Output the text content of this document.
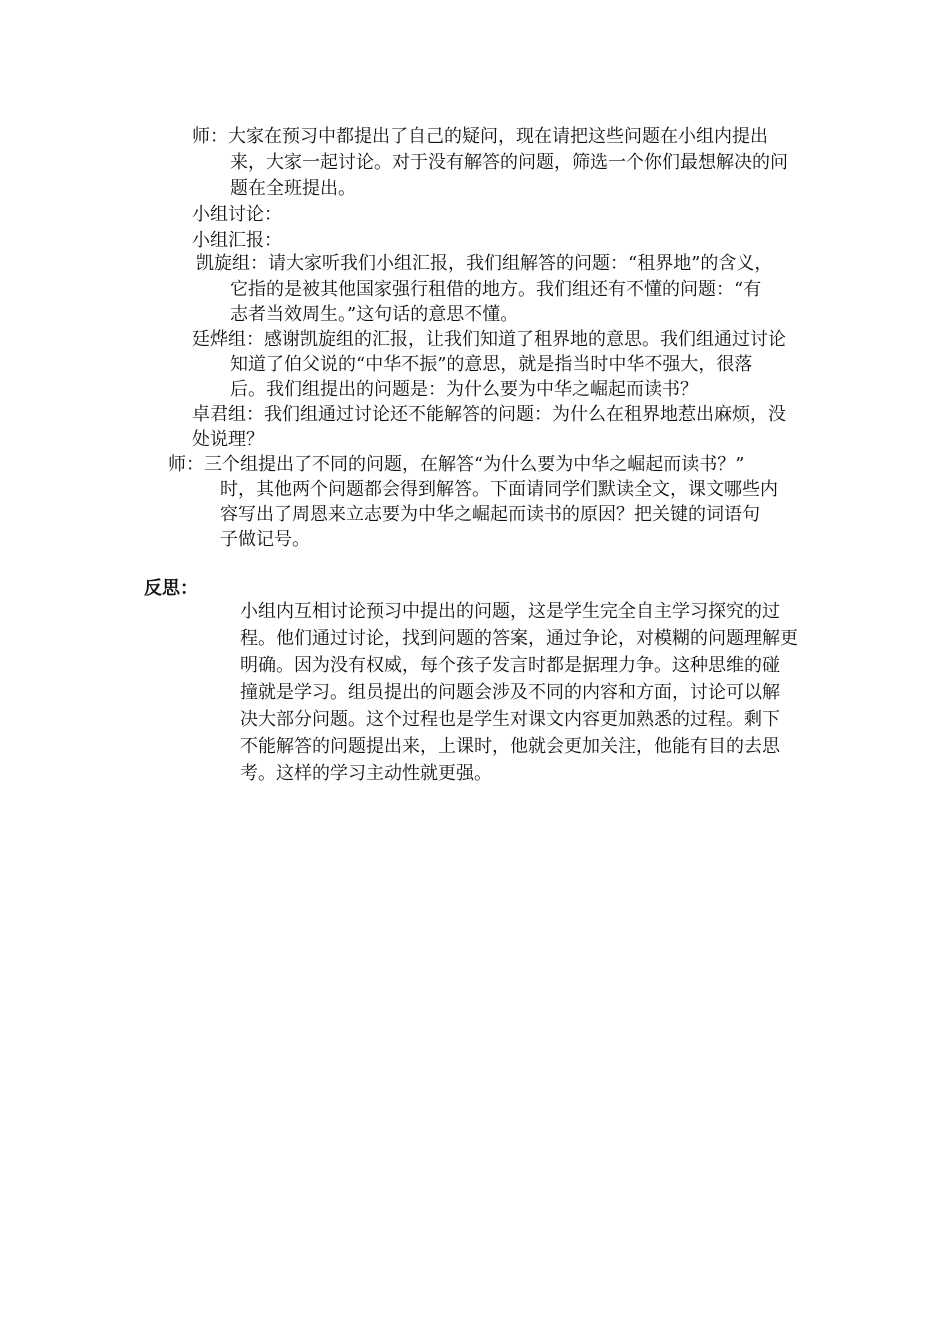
师：大家在预习中都提出了自己的疑问，现在请把这些问题在小组内提出
来，大家一起讨论。对于没有解答的问题，筛选一个你们最想解决的问
题在全班提出。
小组讨论：
小组汇报：
凯旋组：请大家听我们小组汇报，我们组解答的问题：“租界地”的含义，
它指的是被其他国家强行租借的地方。我们组还有不懂的问题：“有
志者当效周生。”这句话的意思不懂。
廷烨组：感谢凯旋组的汇报，让我们知道了租界地的意思。我们组通过讨论
知道了伯父说的“中华不振”的意思，就是指当时中华不强大，很落
后。我们组提出的问题是：为什么要为中华之崛起而读书？
卓君组：我们组通过讨论还不能解答的问题：为什么在租界地惹出麻烦，没
处说理？
师：三个组提出了不同的问题，在解答“为什么要为中华之崛起而读书？”
时，其他两个问题都会得到解答。下面请同学们默读全文，课文哪些内
容写出了周恩来立志要为中华之崛起而读书的原因？把关键的词语句
子做记号。
反思：
小组内互相讨论预习中提出的问题，这是学生完全自主学习探究的过
程。他们通过讨论，找到问题的答案，通过争论，对模糊的问题理解更
明确。因为没有权威，每个孩子发言时都是据理力争。这种思维的碰
撞就是学习。组员提出的问题会涉及不同的内容和方面，讨论可以解
决大部分问题。这个过程也是学生对课文内容更加熟悉的过程。剩下
不能解答的问题提出来，上课时，他就会更加关注，他能有目的去思
考。这样的学习主动性就更强。
